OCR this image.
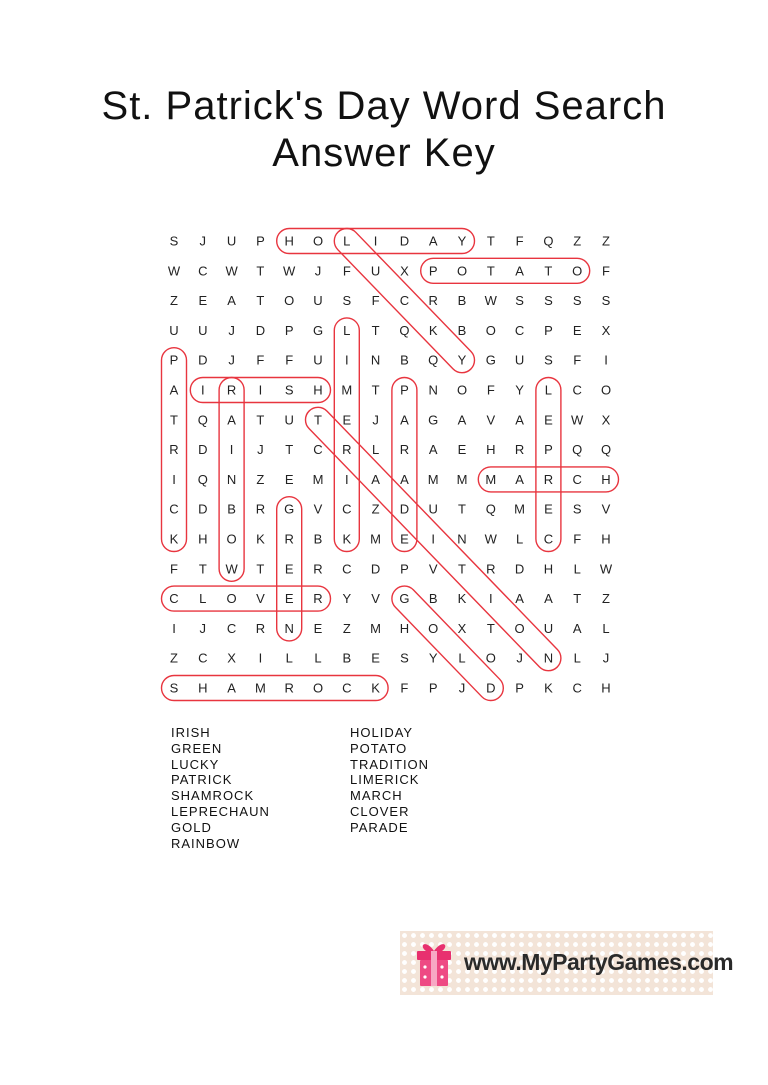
St. Patrick's Day Word Search
Answer Key
S J U P H O L I D A Y T F Q Z Z
W C W T W J F U X P O T A T O F
Z E A T O U S F C R B W S S S S
U U J D P G L T Q K B O C P E X
P D J F F U I N B Q Y G U S F I
A I R I S H M T P N O F Y L C O
T Q A T U T E J A G A V A E W X
R D I J T C R L R A E H R P Q Q
I Q N Z E M I A A M M M A R C H
C D B R G V C Z D U T Q M E S V
K H O K R B K M E I N W L C F H
F T W T E R C D P V T R D H L W
C L O V E R Y V G B K I A A T Z
I J C R N E Z M H O X T O U A L
Z C X I L L B E S Y L O J N L J
S H A M R O C K F P J D P K C H
IRISH
GREEN
LUCKY
PATRICK
SHAMROCK
LEPRECHAUN
GOLD
RAINBOW
HOLIDAY
POTATO
TRADITION
LIMERICK
MARCH
CLOVER
PARADE
www.MyPartyGames.com
